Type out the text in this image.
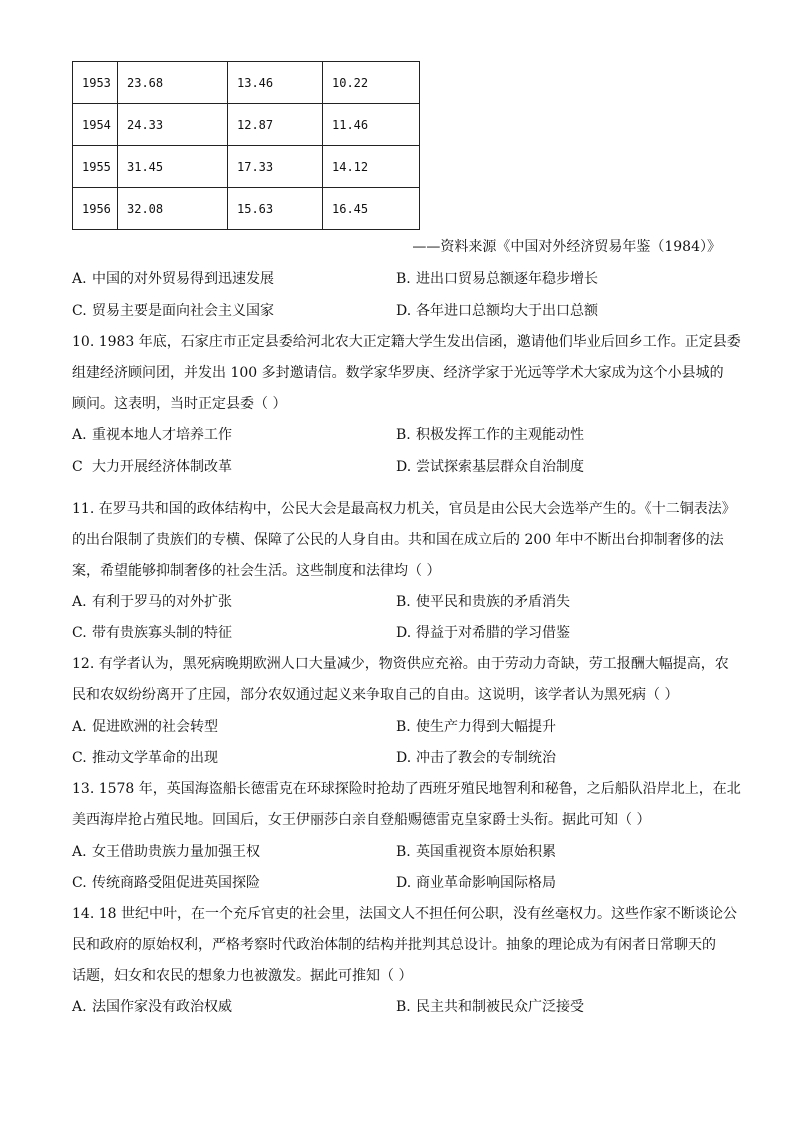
1953	23.68	13.46	10.22
1954	24.33	12.87	11.46
1955	31.45	17.33	14.12
1956	32.08	15.63	16.45
——资料来源《中国对外经济贸易年鉴（1984）》
A. 中国的对外贸易得到迅速发展	B. 进出口贸易总额逐年稳步增长
C. 贸易主要是面向社会主义国家	D. 各年进口总额均大于出口总额
10. 1983 年底，石家庄市正定县委给河北农大正定籍大学生发出信函，邀请他们毕业后回乡工作。正定县委
组建经济顾问团，并发出 100 多封邀请信。数学家华罗庚、经济学家于光远等学术大家成为这个小县城的
顾问。这表明，当时正定县委（ ）
A. 重视本地人才培养工作	B. 积极发挥工作的主观能动性
C 大力开展经济体制改革	D. 尝试探索基层群众自治制度
11. 在罗马共和国的政体结构中，公民大会是最高权力机关，官员是由公民大会选举产生的。《十二铜表法》
的出台限制了贵族们的专横、保障了公民的人身自由。共和国在成立后的 200 年中不断出台抑制奢侈的法
案，希望能够抑制奢侈的社会生活。这些制度和法律均（ ）
A. 有利于罗马的对外扩张	B. 使平民和贵族的矛盾消失
C. 带有贵族寡头制的特征	D. 得益于对希腊的学习借鉴
12. 有学者认为，黑死病晚期欧洲人口大量减少，物资供应充裕。由于劳动力奇缺，劳工报酬大幅提高，农
民和农奴纷纷离开了庄园，部分农奴通过起义来争取自己的自由。这说明，该学者认为黑死病（ ）
A. 促进欧洲的社会转型	B. 使生产力得到大幅提升
C. 推动文学革命的出现	D. 冲击了教会的专制统治
13. 1578 年，英国海盗船长德雷克在环球探险时抢劫了西班牙殖民地智利和秘鲁，之后船队沿岸北上，在北
美西海岸抢占殖民地。回国后，女王伊丽莎白亲自登船赐德雷克皇家爵士头衔。据此可知（ ）
A. 女王借助贵族力量加强王权	B. 英国重视资本原始积累
C. 传统商路受阻促进英国探险	D. 商业革命影响国际格局
14. 18 世纪中叶，在一个充斥官吏的社会里，法国文人不担任何公职，没有丝毫权力。这些作家不断谈论公
民和政府的原始权利，严格考察时代政治体制的结构并批判其总设计。抽象的理论成为有闲者日常聊天的
话题，妇女和农民的想象力也被激发。据此可推知（ ）
A. 法国作家没有政治权威	B. 民主共和制被民众广泛接受
